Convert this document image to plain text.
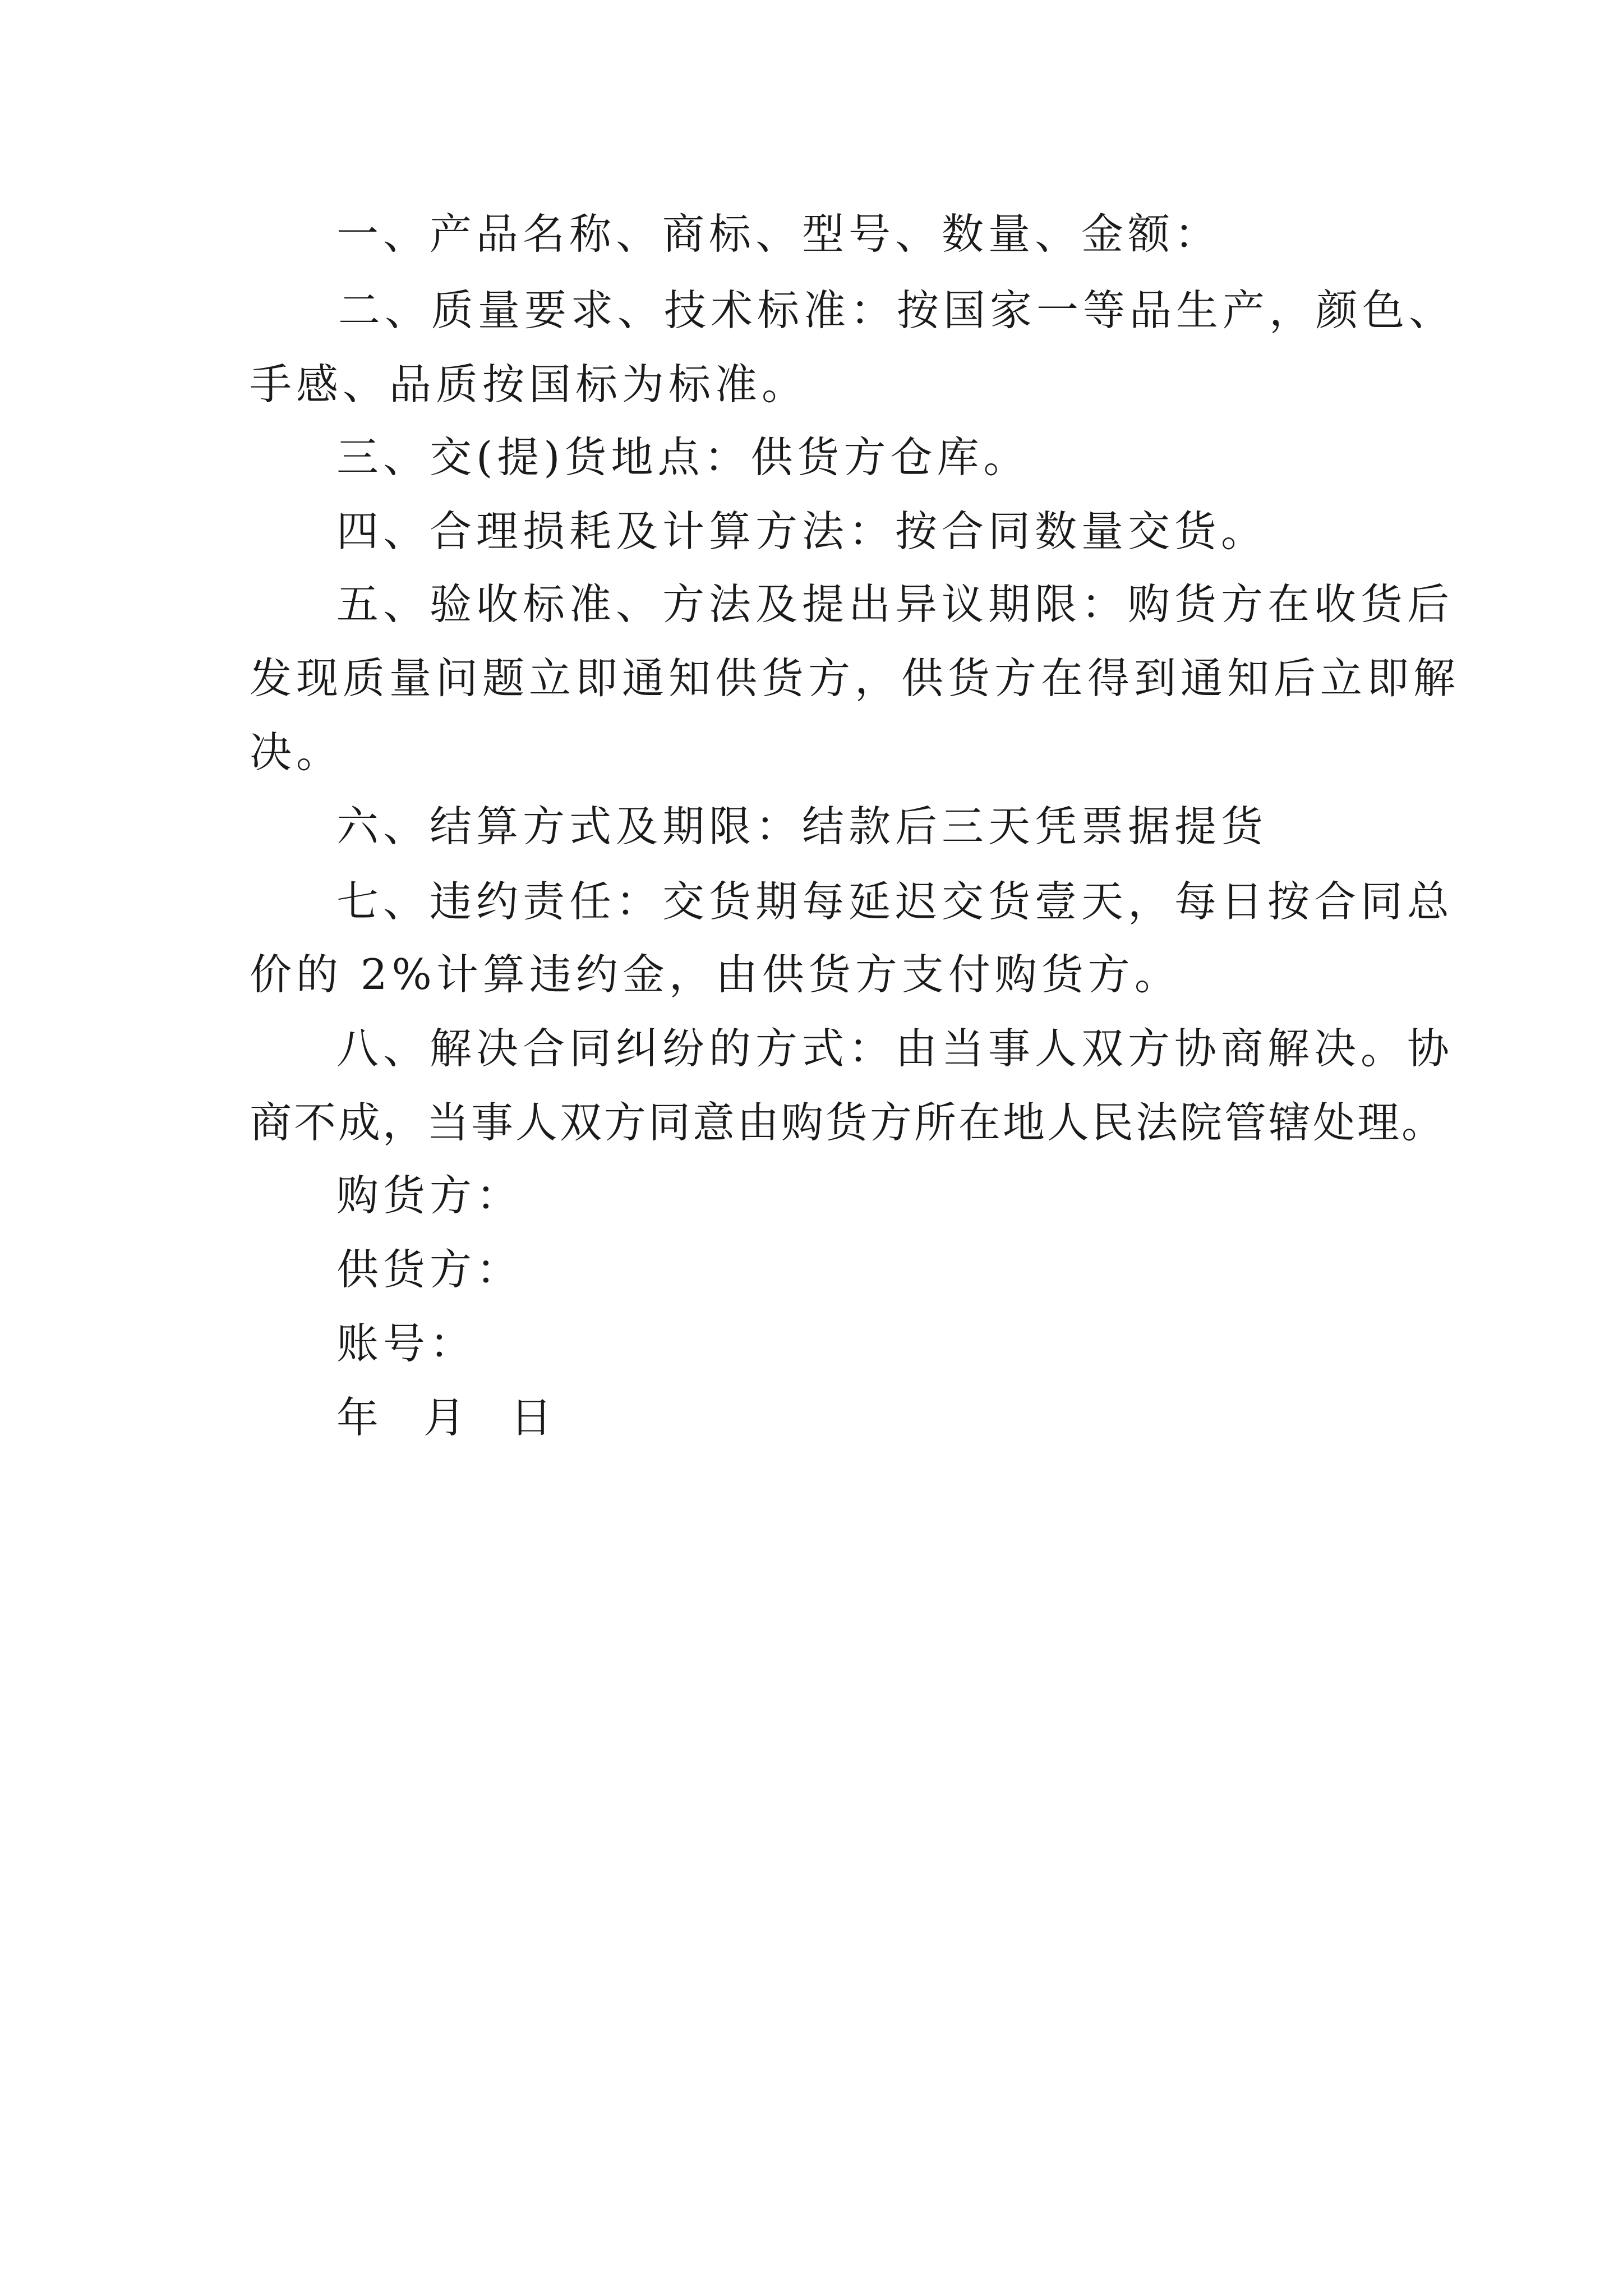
一、产品名称、商标、型号、数量、金额：
二、质量要求、技术标准：按国家一等品生产，颜色、
手感、品质按国标为标准。
三、交(提)货地点：供货方仓库。
四、合理损耗及计算方法：按合同数量交货。
五、验收标准、方法及提出异议期限：购货方在收货后
发现质量问题立即通知供货方，供货方在得到通知后立即解
决。
六、结算方式及期限：结款后三天凭票据提货
七、违约责任：交货期每延迟交货壹天，每日按合同总
价的 2%计算违约金，由供货方支付购货方。
八、解决合同纠纷的方式：由当事人双方协商解决。协
商不成，当事人双方同意由购货方所在地人民法院管辖处理。
购货方：
供货方：
账号：
年 月 日
